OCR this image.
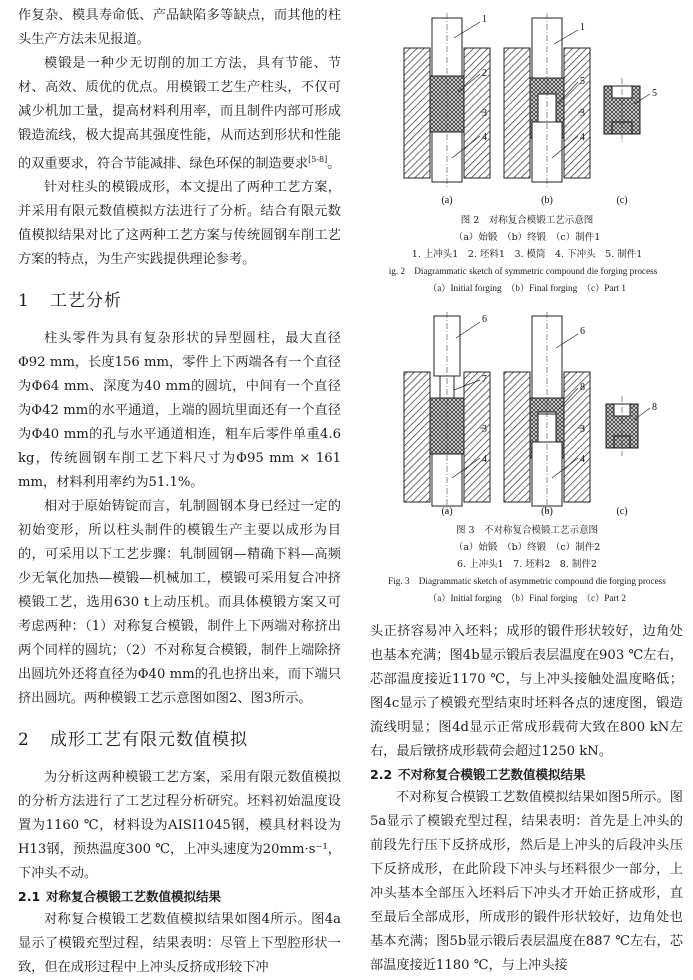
作复杂、模具寿命低、产品缺陷多等缺点，而其他的柱头生产方法未见报道。

模锻是一种少无切削的加工方法，具有节能、节材、高效、质优的优点。用模锻工艺生产柱头，不仅可减少机加工量，提高材料利用率，而且制件内部可形成锻造流线，极大提高其强度性能，从而达到形状和性能的双重要求，符合节能减排、绿色环保的制造要求[5-8]。

针对柱头的模锻成形，本文提出了两种工艺方案，并采用有限元数值模拟方法进行了分析。结合有限元数值模拟结果对比了这两种工艺方案与传统圆钢车削工艺方案的特点，为生产实践提供理论参考。

1 工艺分析

柱头零件为具有复杂形状的异型圆柱，最大直径Φ92 mm，长度156 mm，零件上下两端各有一个直径为Φ64 mm、深度为40 mm的圆坑，中间有一个直径为Φ42 mm的水平通道，上端的圆坑里面还有一个直径为Φ40 mm的孔与水平通道相连，粗车后零件单重4.6 kg，传统圆钢车削工艺下料尺寸为Φ95 mm × 161 mm，材料利用率约为51.1%。

相对于原始铸锭而言，轧制圆钢本身已经过一定的初始变形，所以柱头制件的模锻生产主要以成形为目的，可采用以下工艺步骤：轧制圆钢—精确下料—高频少无氧化加热—模锻—机械加工，模锻可采用复合冲挤模锻工艺，选用630 t上动压机。而具体模锻方案又可考虑两种：（1）对称复合模锻，制件上下两端对称挤出两个同样的圆坑；（2）不对称复合模锻，制件上端除挤出圆坑外还将直径为Φ40 mm的孔也挤出来，而下端只挤出圆坑。两种模锻工艺示意图如图2、图3所示。

2 成形工艺有限元数值模拟

为分析这两种模锻工艺方案，采用有限元数值模拟的分析方法进行了工艺过程分析研究。坯料初始温度设置为1160 ℃，材料设为AISI1045钢，模具材料设为H13钢，预热温度300 ℃，上冲头速度为20mm·s⁻¹，下冲头不动。

2.1 对称复合模锻工艺数值模拟结果

对称复合模锻工艺数值模拟结果如图4所示。图4a显示了模锻充型过程，结果表明：尽管上下型腔形状一致，但在成形过程中上冲头反挤成形较下冲

1
2
3
4
1
5
3
4
5
(a)	(b)	(c)
图 2　对称复合模锻工艺示意图
（a）始锻　（b）终锻　（c）制件1
1. 上冲头1　2. 坯料1　3. 模筒　4. 下冲头　5. 制件1
ig. 2　Diagrammatic sketch of symmetric compound die forging process
（a）Initial forging　（b）Final forging　（c）Part 1
6
7
3
4
6
8
3
4
8
(a)	(b)	(c)
图 3　不对称复合模锻工艺示意图
（a）始锻　（b）终锻　（c）制件2
6. 上冲头1　7. 坯料2　8. 制件2
Fig. 3　Diagrammatic sketch of asymmetric compound die forging process
（a）Initial forging　（b）Final forging　（c）Part 2

头正挤容易冲入坯料；成形的锻件形状较好，边角处也基本充满；图4b显示锻后表层温度在903 ℃左右，芯部温度接近1170 ℃，与上冲头接触处温度略低；图4c显示了模锻充型结束时坯料各点的速度图，锻造流线明显；图4d显示正常成形载荷大致在800 kN左右，最后镦挤成形载荷会超过1250 kN。

2.2 不对称复合模锻工艺数值模拟结果

不对称复合模锻工艺数值模拟结果如图5所示。图5a显示了模锻充型过程，结果表明：首先是上冲头的前段先行压下反挤成形，然后是上冲头的后段冲头压下反挤成形，在此阶段下冲头与坯料很少一部分，上冲头基本全部压入坯料后下冲头才开始正挤成形，直至最后全部成形，所成形的锻件形状较好，边角处也基本充满；图5b显示锻后表层温度在887 ℃左右，芯部温度接近1180 ℃，与上冲头接
